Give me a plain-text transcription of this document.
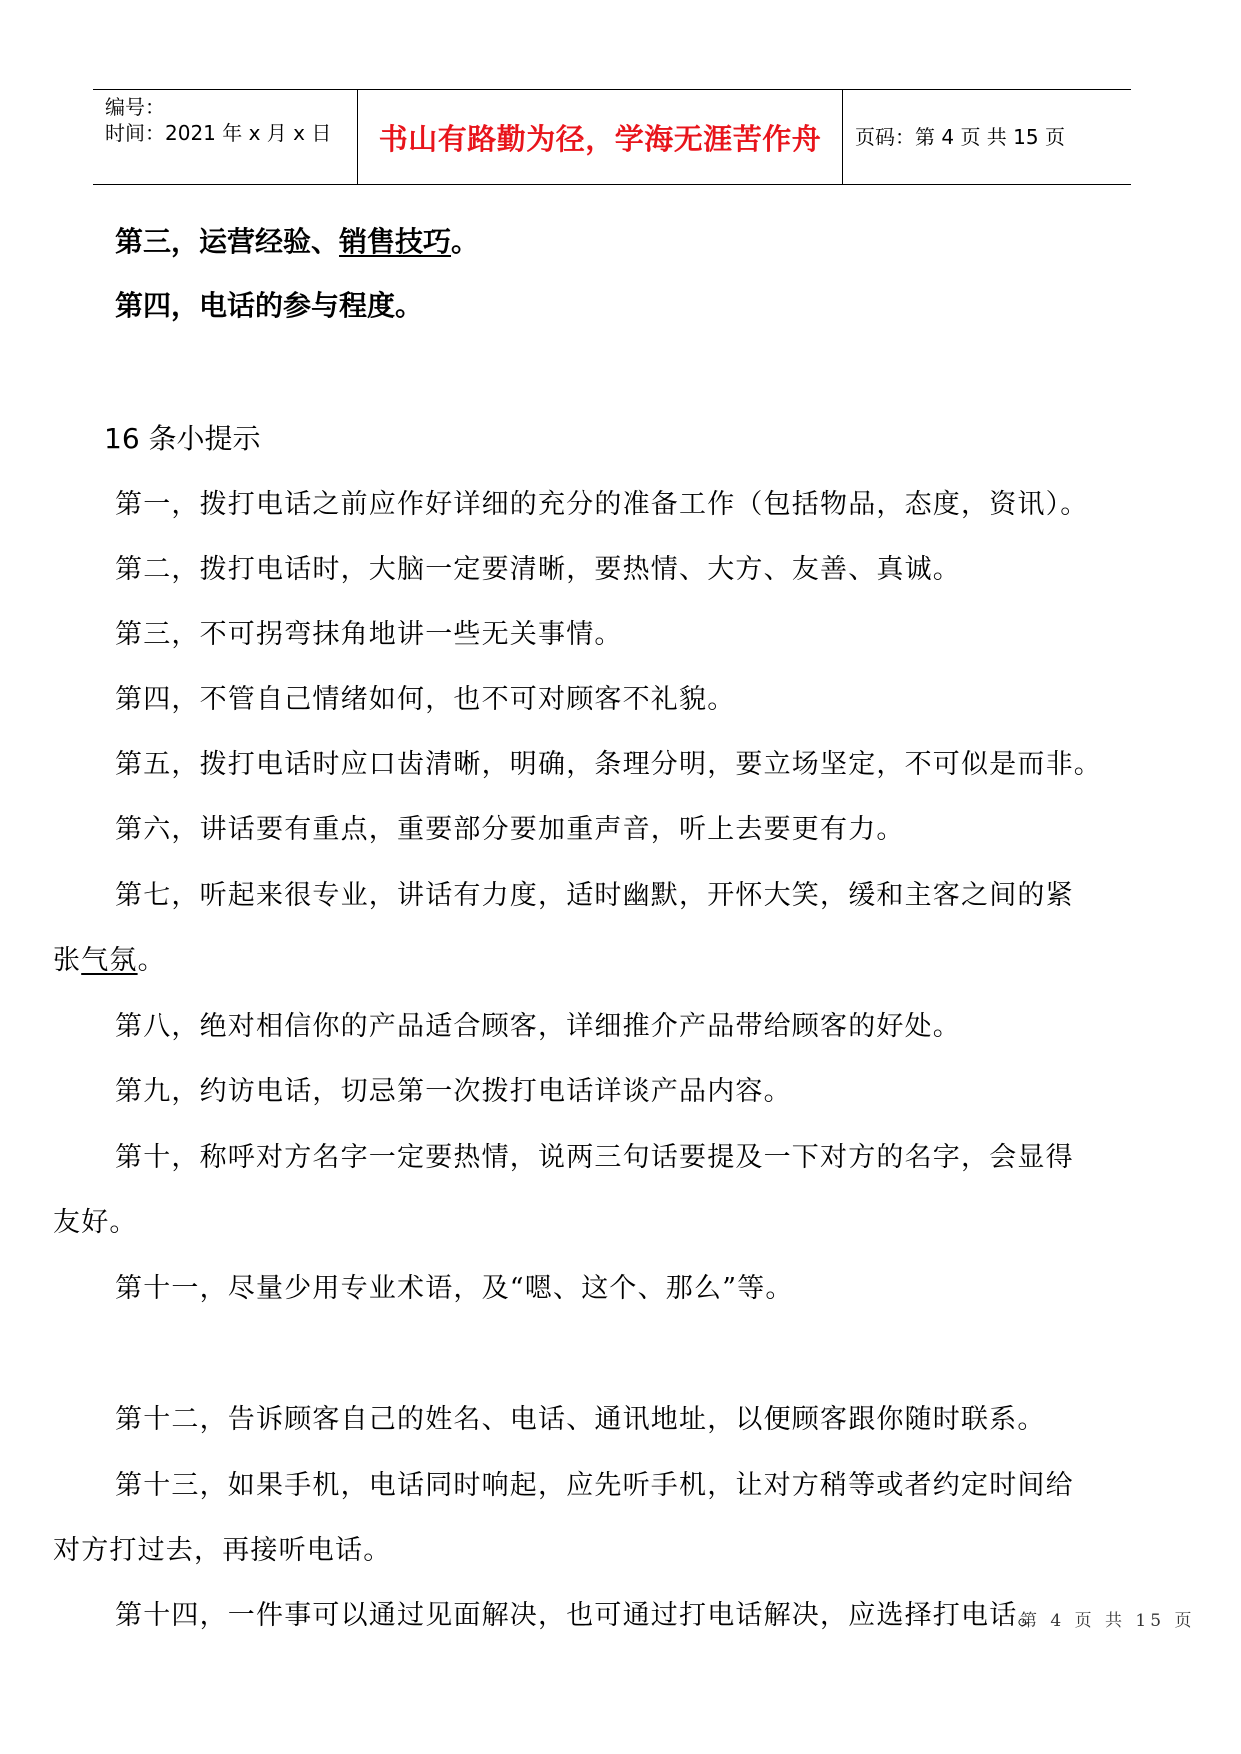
编号：
时间：2021 年 x 月 x 日 书山有路勤为径，学海无涯苦作舟 页码：第 4 页 共 15 页
第三，运营经验、销售技巧。
第四，电话的参与程度。
16 条小提示
第一，拨打电话之前应作好详细的充分的准备工作（包括物品，态度，资讯）。
第二，拨打电话时，大脑一定要清晰，要热情、大方、友善、真诚。
第三，不可拐弯抹角地讲一些无关事情。
第四，不管自己情绪如何，也不可对顾客不礼貌。
第五，拨打电话时应口齿清晰，明确，条理分明，要立场坚定，不可似是而非。
第六，讲话要有重点，重要部分要加重声音，听上去要更有力。
第七，听起来很专业，讲话有力度，适时幽默，开怀大笑，缓和主客之间的紧
张气氛。
第八，绝对相信你的产品适合顾客，详细推介产品带给顾客的好处。
第九，约访电话，切忌第一次拨打电话详谈产品内容。
第十，称呼对方名字一定要热情，说两三句话要提及一下对方的名字，会显得
友好。
第十一，尽量少用专业术语，及“嗯、这个、那么”等。
第十二，告诉顾客自己的姓名、电话、通讯地址，以便顾客跟你随时联系。
第十三，如果手机，电话同时响起，应先听手机，让对方稍等或者约定时间给
对方打过去，再接听电话。
第十四，一件事可以通过见面解决，也可通过打电话解决，应选择打电话。
第 4 页 共 15 页
